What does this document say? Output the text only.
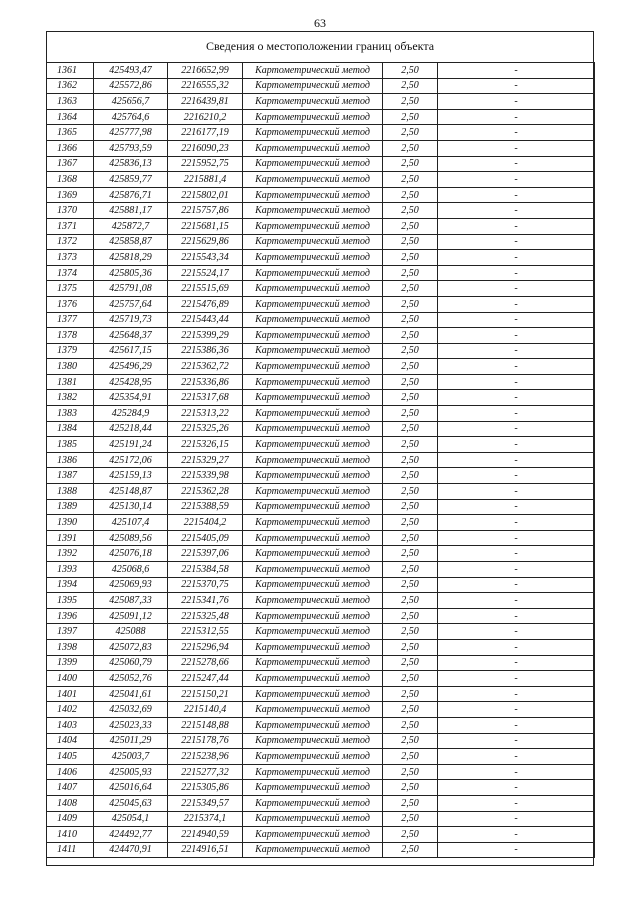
63
Сведения о местоположении границ объекта
1361	425493,47	2216652,99	Картометрический метод	2,50	-
1362	425572,86	2216555,32	Картометрический метод	2,50	-
1363	425656,7	2216439,81	Картометрический метод	2,50	-
1364	425764,6	2216210,2	Картометрический метод	2,50	-
1365	425777,98	2216177,19	Картометрический метод	2,50	-
1366	425793,59	2216090,23	Картометрический метод	2,50	-
1367	425836,13	2215952,75	Картометрический метод	2,50	-
1368	425859,77	2215881,4	Картометрический метод	2,50	-
1369	425876,71	2215802,01	Картометрический метод	2,50	-
1370	425881,17	2215757,86	Картометрический метод	2,50	-
1371	425872,7	2215681,15	Картометрический метод	2,50	-
1372	425858,87	2215629,86	Картометрический метод	2,50	-
1373	425818,29	2215543,34	Картометрический метод	2,50	-
1374	425805,36	2215524,17	Картометрический метод	2,50	-
1375	425791,08	2215515,69	Картометрический метод	2,50	-
1376	425757,64	2215476,89	Картометрический метод	2,50	-
1377	425719,73	2215443,44	Картометрический метод	2,50	-
1378	425648,37	2215399,29	Картометрический метод	2,50	-
1379	425617,15	2215386,36	Картометрический метод	2,50	-
1380	425496,29	2215362,72	Картометрический метод	2,50	-
1381	425428,95	2215336,86	Картометрический метод	2,50	-
1382	425354,91	2215317,68	Картометрический метод	2,50	-
1383	425284,9	2215313,22	Картометрический метод	2,50	-
1384	425218,44	2215325,26	Картометрический метод	2,50	-
1385	425191,24	2215326,15	Картометрический метод	2,50	-
1386	425172,06	2215329,27	Картометрический метод	2,50	-
1387	425159,13	2215339,98	Картометрический метод	2,50	-
1388	425148,87	2215362,28	Картометрический метод	2,50	-
1389	425130,14	2215388,59	Картометрический метод	2,50	-
1390	425107,4	2215404,2	Картометрический метод	2,50	-
1391	425089,56	2215405,09	Картометрический метод	2,50	-
1392	425076,18	2215397,06	Картометрический метод	2,50	-
1393	425068,6	2215384,58	Картометрический метод	2,50	-
1394	425069,93	2215370,75	Картометрический метод	2,50	-
1395	425087,33	2215341,76	Картометрический метод	2,50	-
1396	425091,12	2215325,48	Картометрический метод	2,50	-
1397	425088	2215312,55	Картометрический метод	2,50	-
1398	425072,83	2215296,94	Картометрический метод	2,50	-
1399	425060,79	2215278,66	Картометрический метод	2,50	-
1400	425052,76	2215247,44	Картометрический метод	2,50	-
1401	425041,61	2215150,21	Картометрический метод	2,50	-
1402	425032,69	2215140,4	Картометрический метод	2,50	-
1403	425023,33	2215148,88	Картометрический метод	2,50	-
1404	425011,29	2215178,76	Картометрический метод	2,50	-
1405	425003,7	2215238,96	Картометрический метод	2,50	-
1406	425005,93	2215277,32	Картометрический метод	2,50	-
1407	425016,64	2215305,86	Картометрический метод	2,50	-
1408	425045,63	2215349,57	Картометрический метод	2,50	-
1409	425054,1	2215374,1	Картометрический метод	2,50	-
1410	424492,77	2214940,59	Картометрический метод	2,50	-
1411	424470,91	2214916,51	Картометрический метод	2,50	-
